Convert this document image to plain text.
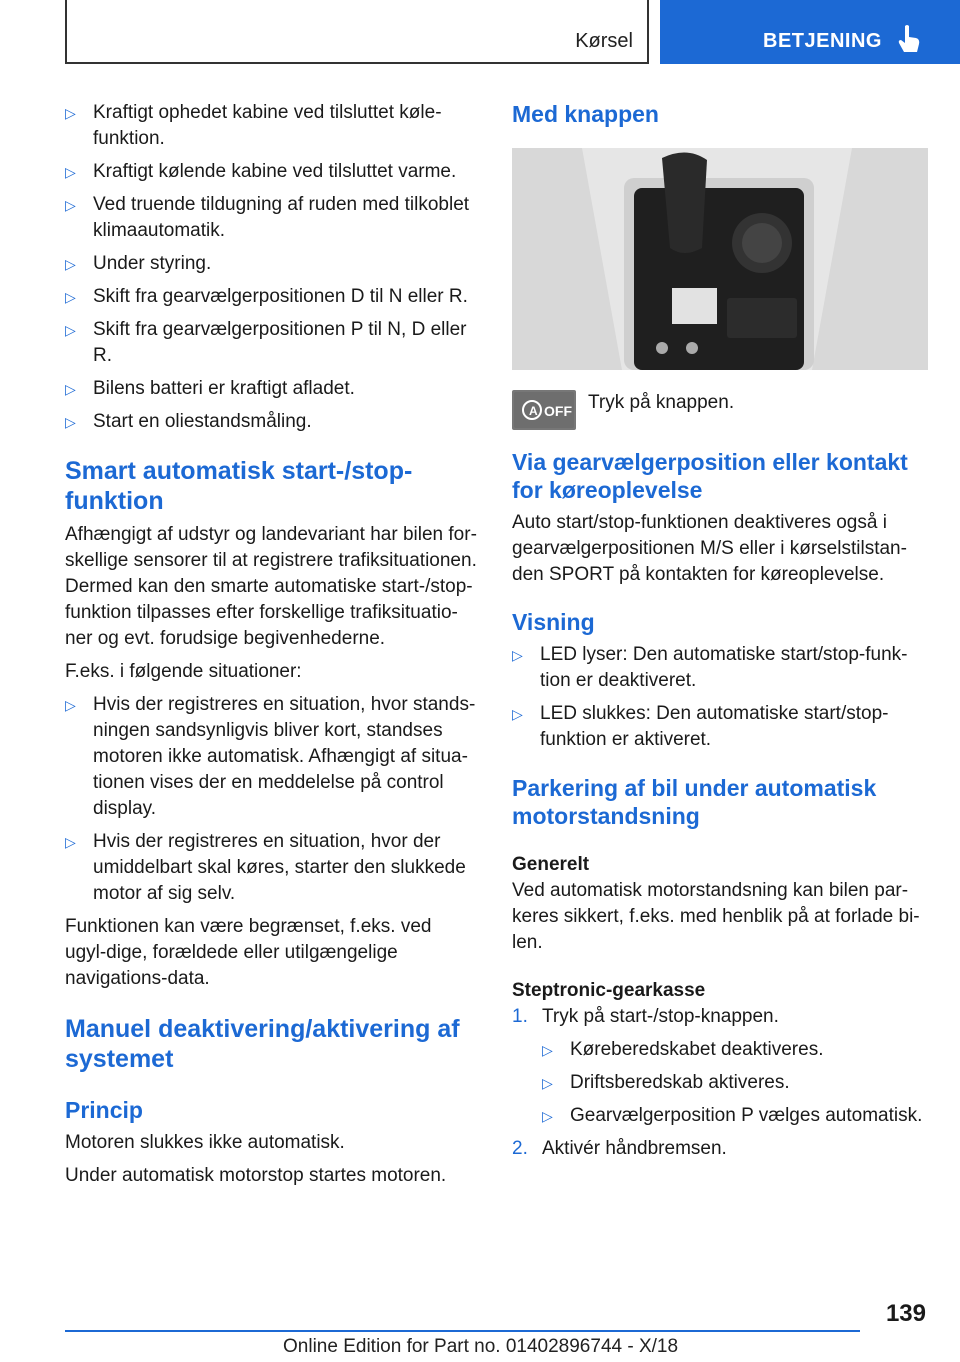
Kørsel	BETJENING
▷ Kraftigt ophedet kabine ved tilsluttet køle-funktion.
▷ Kraftigt kølende kabine ved tilsluttet varme.
▷ Ved truende tildugning af ruden med tilkoblet klimaautomatik.
▷ Under styring.
▷ Skift fra gearvælgerpositionen D til N eller R.
▷ Skift fra gearvælgerpositionen P til N, D eller R.
▷ Bilens batteri er kraftigt afladet.
▷ Start en oliestandsmåling.
Smart automatisk start-/stop-funktion

Afhængigt af udstyr og landevariant har bilen for-skellige sensorer til at registrere trafiksituationen. Dermed kan den smarte automatiske start-/stop-funktion tilpasses efter forskellige trafiksituatio-ner og evt. forudsige begivenhederne.

F.eks. i følgende situationer:

▷ Hvis der registreres en situation, hvor stands-ningen sandsynligvis bliver kort, standses motoren ikke automatisk. Afhængigt af situa-tionen vises der en meddelelse på control display.
▷ Hvis der registreres en situation, hvor der umiddelbart skal køres, starter den slukkede motor af sig selv.

Funktionen kan være begrænset, f.eks. ved ugyl-dige, forældede eller utilgængelige navigations-data.

Manuel deaktivering/aktivering af systemet
Princip

Motoren slukkes ikke automatisk.

Under automatisk motorstop startes motoren.

Med knappen
A OFF Tryk på knappen.
Via gearvælgerposition eller kontakt for køreoplevelse

Auto start/stop-funktionen deaktiveres også i gearvælgerpositionen M/S eller i kørselstilstan-den SPORT på kontakten for køreoplevelse.

Visning
▷ LED lyser: Den automatiske start/stop-funk-tion er deaktiveret.
▷ LED slukkes: Den automatiske start/stop-funktion er aktiveret.
Parkering af bil under automatisk motorstandsning
Generelt

Ved automatisk motorstandsning kan bilen par-keres sikkert, f.eks. med henblik på at forlade bi-len.

Steptronic-gearkasse
1. Tryk på start-/stop-knappen.
▷ Køreberedskabet deaktiveres.
▷ Driftsberedskab aktiveres.
▷ Gearvælgerposition P vælges automatisk.
2. Aktivér håndbremsen.
139
Online Edition for Part no. 01402896744 - X/18
